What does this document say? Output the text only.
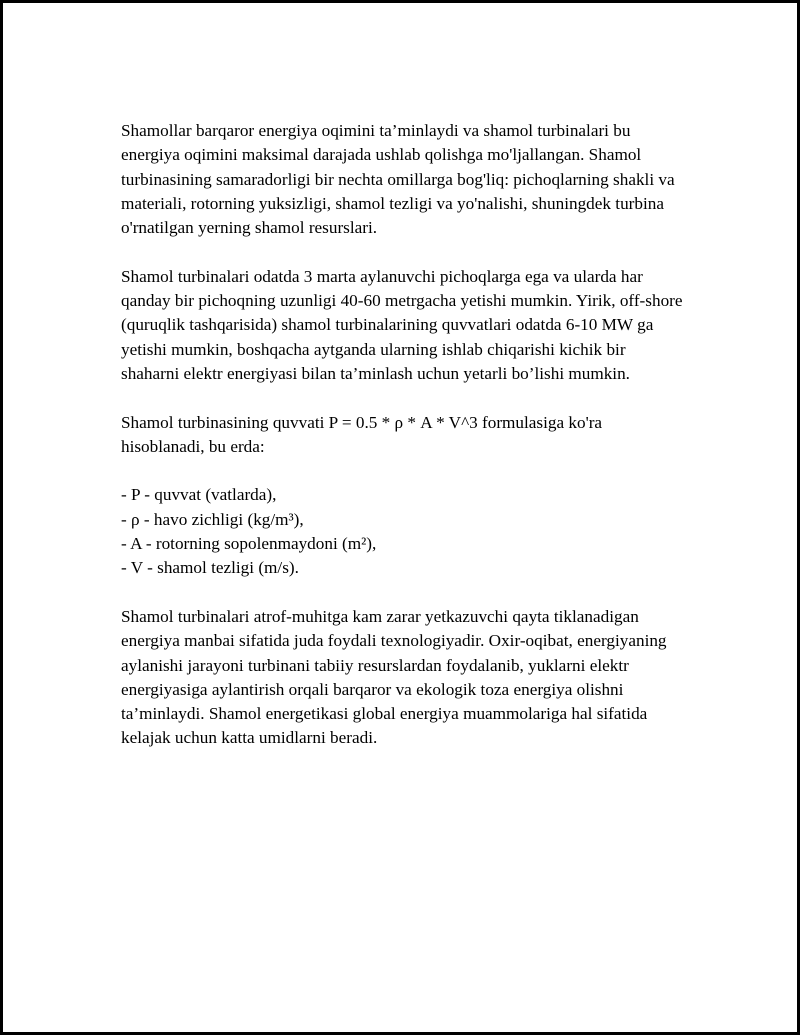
Shamollar barqaror energiya oqimini ta’minlaydi va shamol turbinalari bu energiya oqimini maksimal darajada ushlab qolishga mo'ljallangan. Shamol turbinasining samaradorligi bir nechta omillarga bog'liq: pichoqlarning shakli va materiali, rotorning yuksizligi, shamol tezligi va yo'nalishi, shuningdek turbina o'rnatilgan yerning shamol resurslari.

Shamol turbinalari odatda 3 marta aylanuvchi pichoqlarga ega va ularda har qanday bir pichoqning uzunligi 40-60 metrgacha yetishi mumkin. Yirik, off-shore (quruqlik tashqarisida) shamol turbinalarining quvvatlari odatda 6-10 MW ga yetishi mumkin, boshqacha aytganda ularning ishlab chiqarishi kichik bir shaharni elektr energiyasi bilan ta’minlash uchun yetarli bo’lishi mumkin.

Shamol turbinasining quvvati P = 0.5 * ρ * A * V^3 formulasiga ko'ra hisoblanadi, bu erda:

- P - quvvat (vatlarda),
- ρ - havo zichligi (kg/m³),
- A - rotorning sopolenmaydoni (m²),
- V - shamol tezligi (m/s).

Shamol turbinalari atrof-muhitga kam zarar yetkazuvchi qayta tiklanadigan energiya manbai sifatida juda foydali texnologiyadir. Oxir-oqibat, energiyaning aylanishi jarayoni turbinani tabiiy resurslardan foydalanib, yuklarni elektr energiyasiga aylantirish orqali barqaror va ekologik toza energiya olishni ta’minlaydi. Shamol energetikasi global energiya muammolariga hal sifatida kelajak uchun katta umidlarni beradi.
